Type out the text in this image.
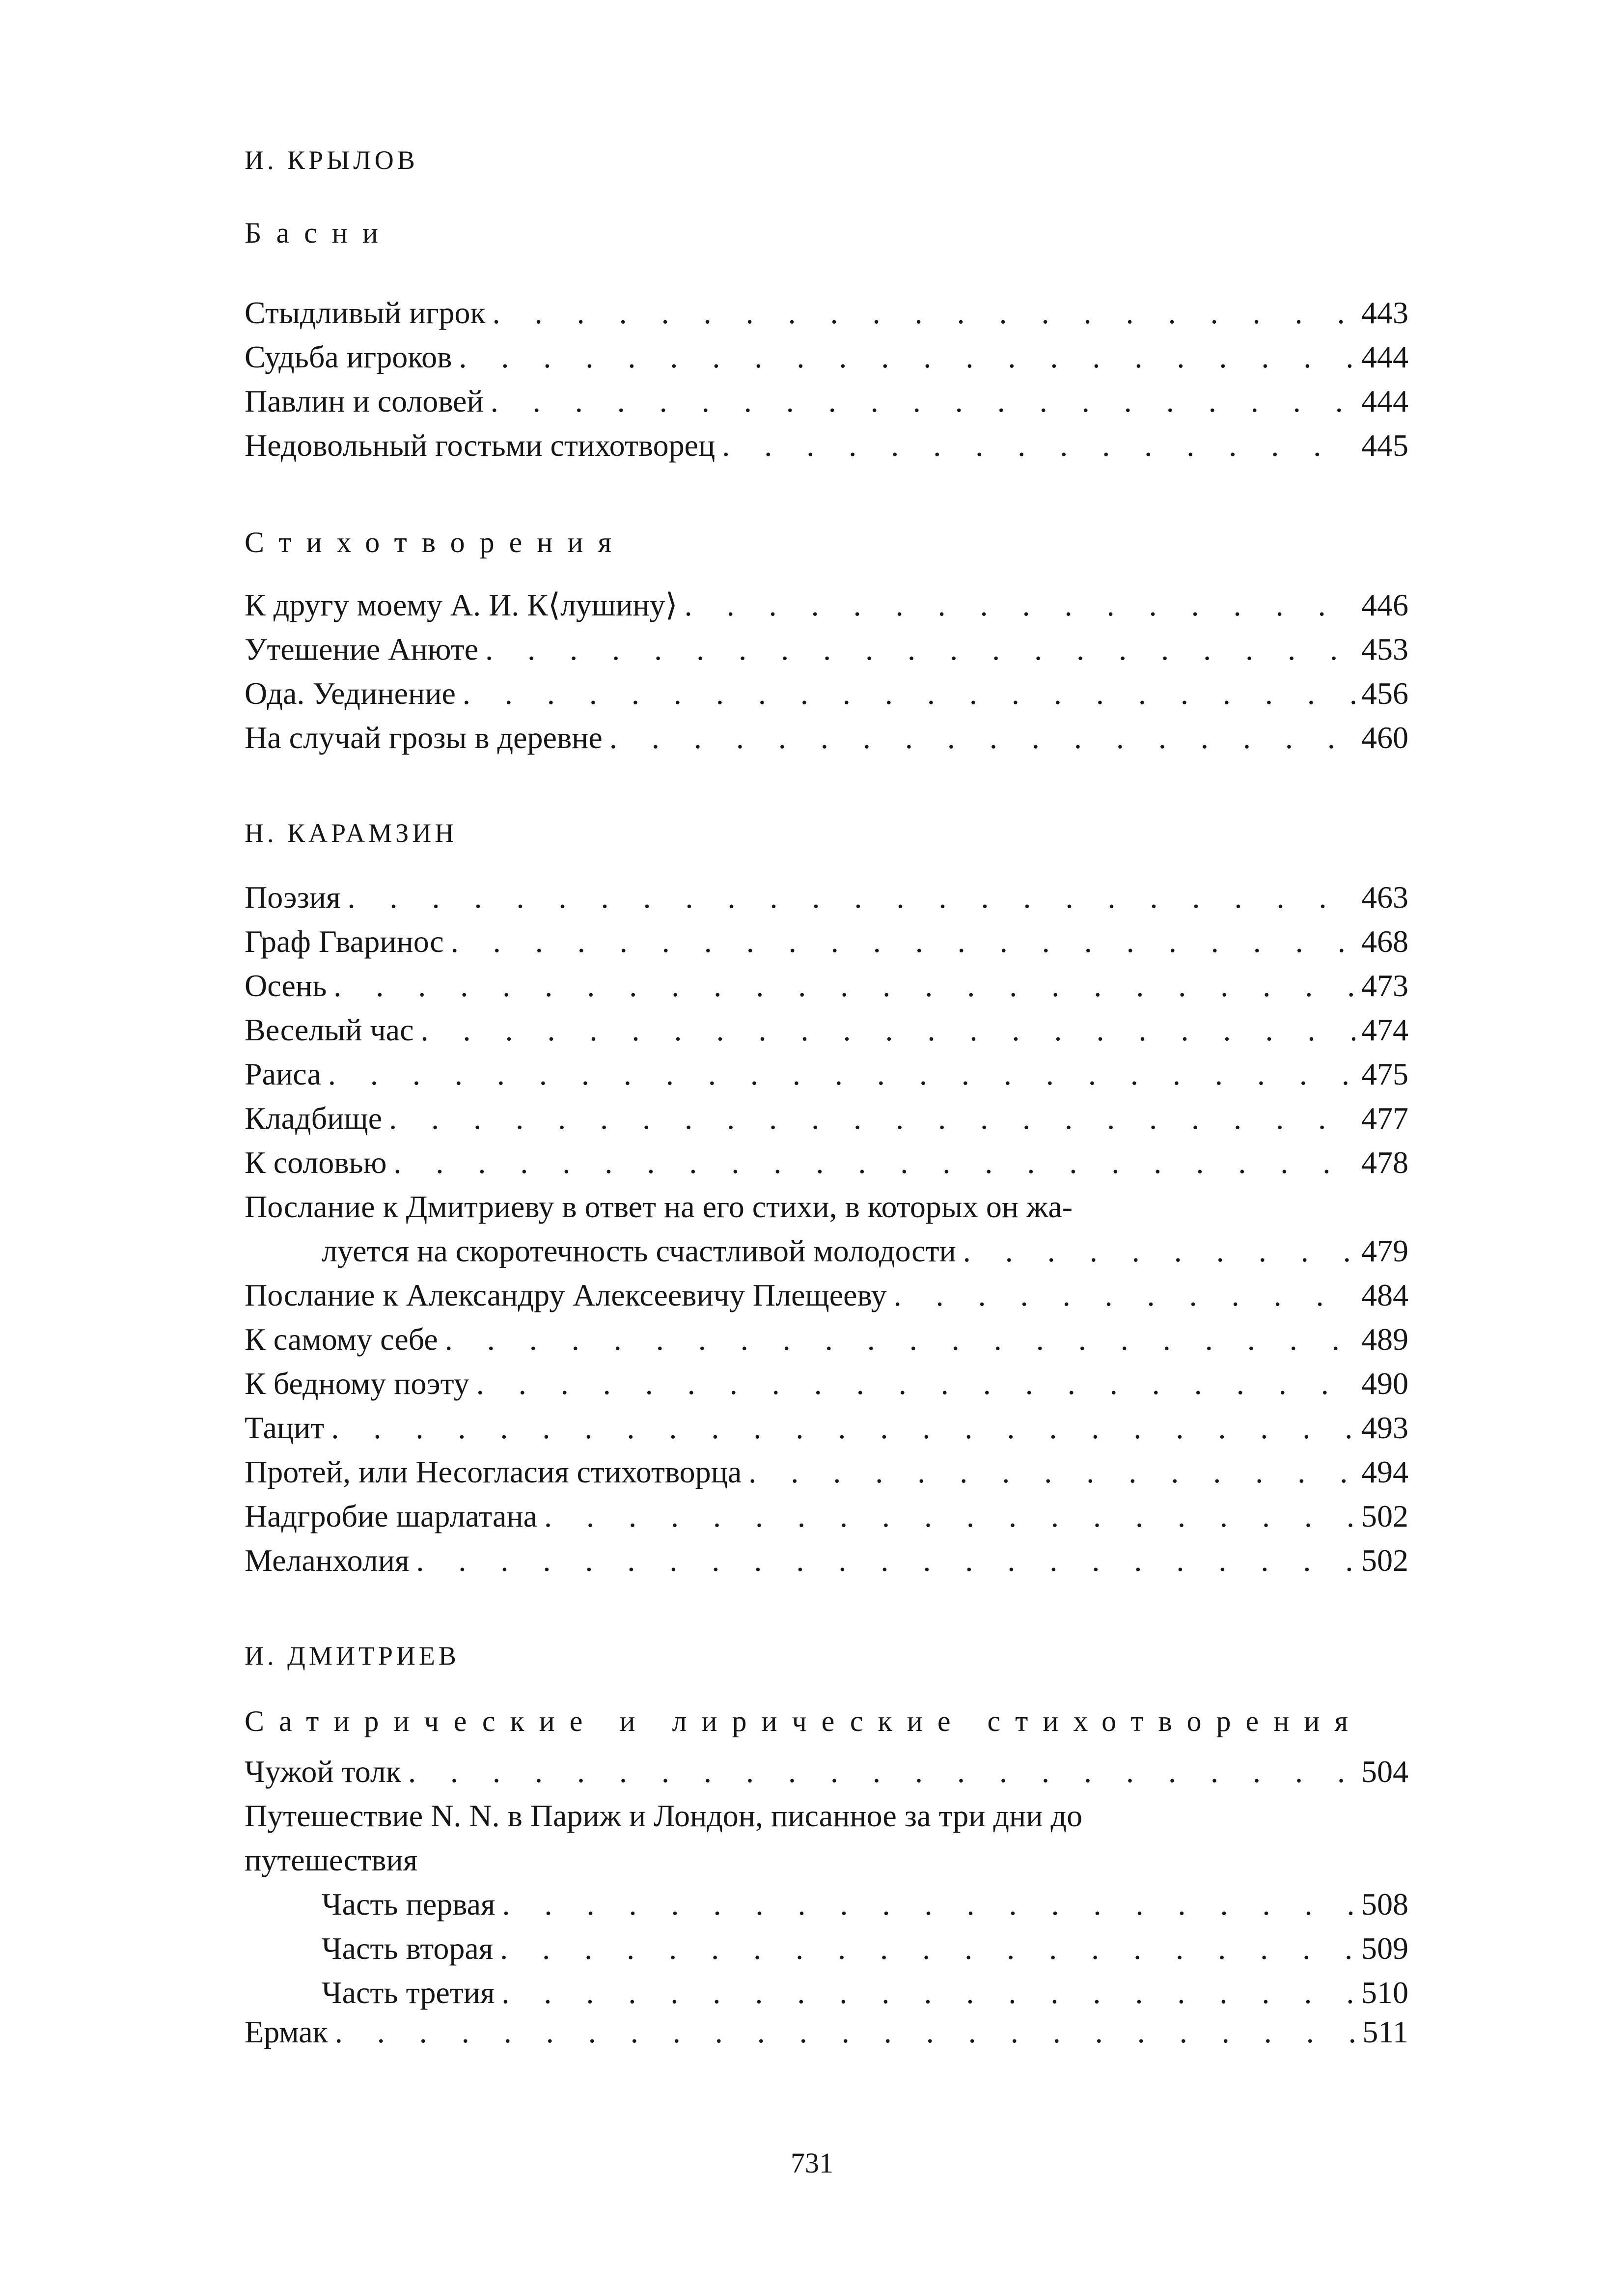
И. КРЫЛОВ
Басни
Стыдливый игрок . . .	443
Судьба игроков . . .	444
Павлин и соловей . . .	444
Недовольный гостьми стихотворец . . .	445
Стихотворения
К другу моему А. И. К⟨лушину⟩ . . .	446
Утешение Анюте . . .	453
Ода. Уединение . . .	456
На случай грозы в деревне . . .	460
Н. КАРАМЗИН
Поэзия . . .	463
Граф Гваринос . . .	468
Осень . . .	473
Веселый час . . .	474
Раиса . . .	475
Кладбище . . .	477
К соловью . . .	478
Послание к Дмитриеву в ответ на его стихи, в которых он жа-
луется на скоротечность счастливой молодости . . .	479
Послание к Александру Алексеевичу Плещееву . . .	484
К самому себе . . .	489
К бедному поэту . . .	490
Тацит . . .	493
Протей, или Несогласия стихотворца . . .	494
Надгробие шарлатана . . .	502
Меланхолия . . .	502
И. ДМИТРИЕВ
Сатирические и лирические стихотворения
Чужой толк . . .	504
Путешествие N. N. в Париж и Лондон, писанное за три дни до
путешествия
Часть первая . . .	508
Часть вторая . . .	509
Часть третия . . .	510
Ермак . . .	511
731
